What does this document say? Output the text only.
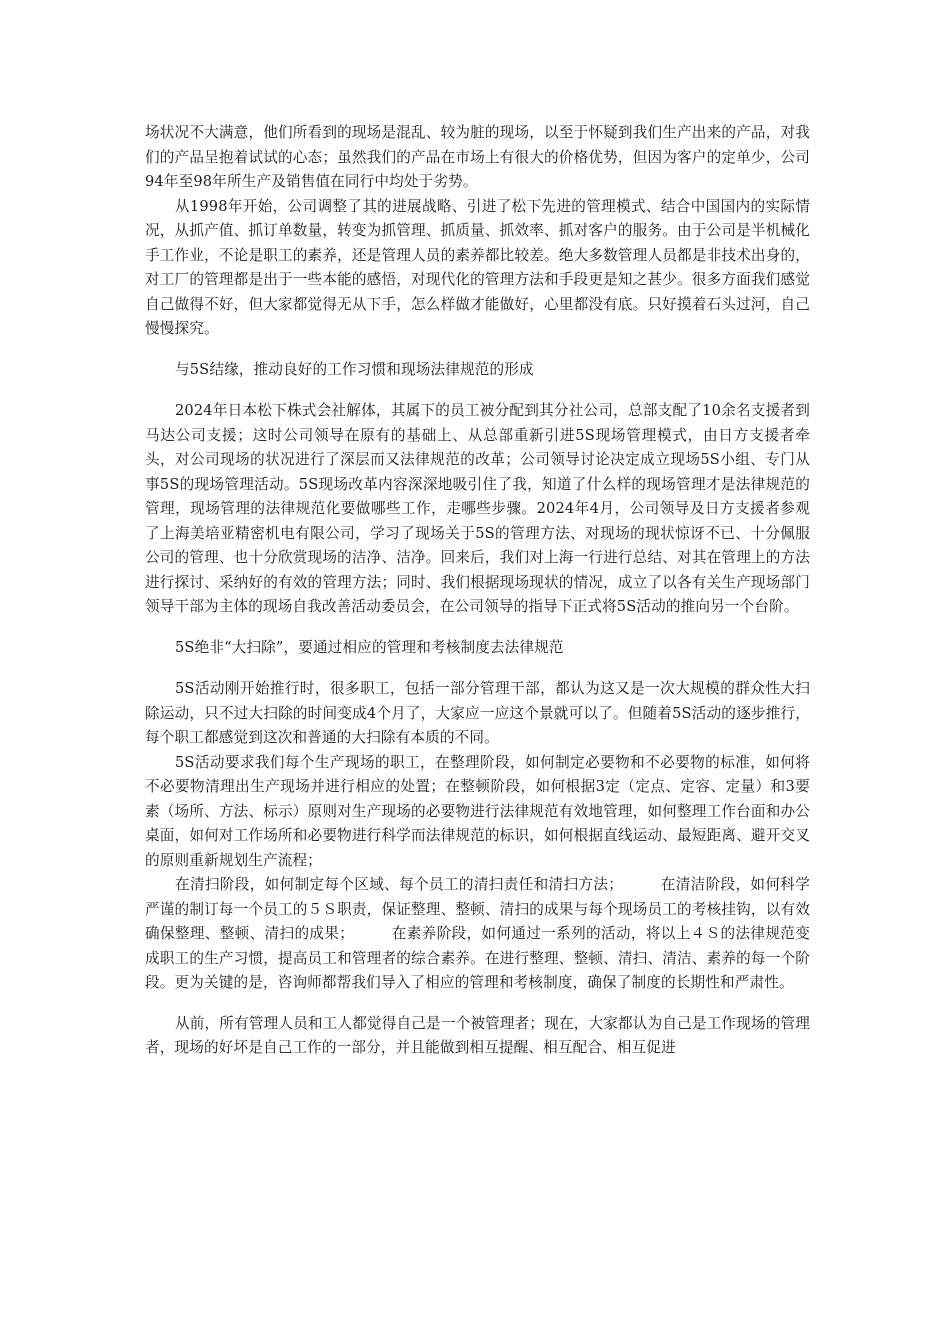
场状况不大满意，他们所看到的现场是混乱、较为脏的现场，以至于怀疑到我们生产出来的产品，对我们的产品呈抱着试试的心态；虽然我们的产品在市场上有很大的价格优势，但因为客户的定单少，公司94年至98年所生产及销售值在同行中均处于劣势。

从1998年开始，公司调整了其的进展战略、引进了松下先进的管理模式、结合中国国内的实际情况，从抓产值、抓订单数量，转变为抓管理、抓质量、抓效率、抓对客户的服务。由于公司是半机械化手工作业，不论是职工的素养，还是管理人员的素养都比较差。绝大多数管理人员都是非技术出身的，对工厂的管理都是出于一些本能的感悟，对现代化的管理方法和手段更是知之甚少。很多方面我们感觉自己做得不好，但大家都觉得无从下手，怎么样做才能做好，心里都没有底。只好摸着石头过河，自己慢慢探究。

与5S结缘，推动良好的工作习惯和现场法律规范的形成

2024年日本松下株式会社解体，其属下的员工被分配到其分社公司，总部支配了10余名支援者到马达公司支援；这时公司领导在原有的基础上、从总部重新引进5S现场管理模式，由日方支援者牵头，对公司现场的状况进行了深层而又法律规范的改革；公司领导讨论决定成立现场5S小组、专门从事5S的现场管理活动。5S现场改革内容深深地吸引住了我，知道了什么样的现场管理才是法律规范的管理，现场管理的法律规范化要做哪些工作，走哪些步骤。2024年4月，公司领导及日方支援者参观了上海美培亚精密机电有限公司，学习了现场关于5S的管理方法、对现场的现状惊讶不已、十分佩服公司的管理、也十分欣赏现场的洁净、洁净。回来后，我们对上海一行进行总结、对其在管理上的方法进行探讨、采纳好的有效的管理方法；同时、我们根据现场现状的情况，成立了以各有关生产现场部门领导干部为主体的现场自我改善活动委员会，在公司领导的指导下正式将5S活动的推向另一个台阶。

5S绝非“大扫除”，要通过相应的管理和考核制度去法律规范

5S活动刚开始推行时，很多职工，包括一部分管理干部，都认为这又是一次大规模的群众性大扫除运动，只不过大扫除的时间变成4个月了，大家应一应这个景就可以了。但随着5S活动的逐步推行，每个职工都感觉到这次和普通的大扫除有本质的不同。

5S活动要求我们每个生产现场的职工，在整理阶段，如何制定必要物和不必要物的标准，如何将不必要物清理出生产现场并进行相应的处置；在整顿阶段，如何根据3定（定点、定容、定量）和3要素（场所、方法、标示）原则对生产现场的必要物进行法律规范有效地管理，如何整理工作台面和办公桌面，如何对工作场所和必要物进行科学而法律规范的标识，如何根据直线运动、最短距离、避开交叉的原则重新规划生产流程；

在清扫阶段，如何制定每个区域、每个员工的清扫责任和清扫方法；　　　在清洁阶段，如何科学严谨的制订每一个员工的５Ｓ职责，保证整理、整顿、清扫的成果与每个现场员工的考核挂钩，以有效确保整理、整顿、清扫的成果；　　　在素养阶段，如何通过一系列的活动，将以上４Ｓ的法律规范变成职工的生产习惯，提高员工和管理者的综合素养。在进行整理、整顿、清扫、清洁、素养的每一个阶段。更为关键的是，咨询师都帮我们导入了相应的管理和考核制度，确保了制度的长期性和严肃性。

从前，所有管理人员和工人都觉得自己是一个被管理者；现在，大家都认为自己是工作现场的管理者，现场的好坏是自己工作的一部分，并且能做到相互提醒、相互配合、相互促进
